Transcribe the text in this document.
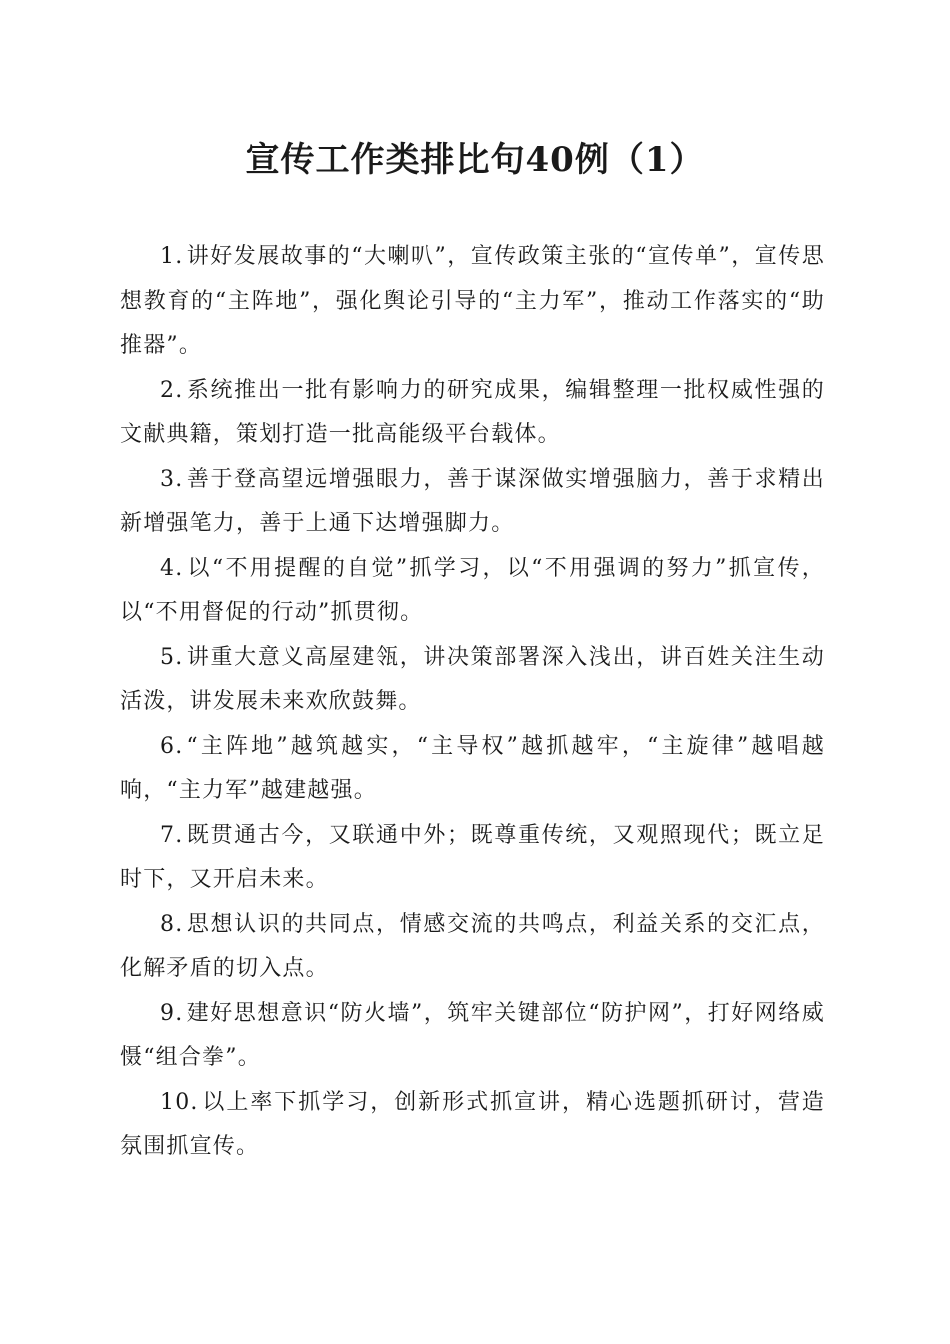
宣传工作类排比句40例（1）

1. 讲好发展故事的“大喇叭”，宣传政策主张的“宣传单”，宣传思想教育的“主阵地”，强化舆论引导的“主力军”，推动工作落实的“助推器”。

2. 系统推出一批有影响力的研究成果，编辑整理一批权威性强的文献典籍，策划打造一批高能级平台载体。

3. 善于登高望远增强眼力，善于谋深做实增强脑力，善于求精出新增强笔力，善于上通下达增强脚力。

4. 以“不用提醒的自觉”抓学习，以“不用强调的努力”抓宣传，以“不用督促的行动”抓贯彻。

5. 讲重大意义高屋建瓴，讲决策部署深入浅出，讲百姓关注生动活泼，讲发展未来欢欣鼓舞。

6. “主阵地”越筑越实，“主导权”越抓越牢，“主旋律”越唱越响，“主力军”越建越强。

7. 既贯通古今，又联通中外；既尊重传统，又观照现代；既立足时下，又开启未来。

8. 思想认识的共同点，情感交流的共鸣点，利益关系的交汇点，化解矛盾的切入点。

9. 建好思想意识“防火墙”，筑牢关键部位“防护网”，打好网络威慑“组合拳”。

10. 以上率下抓学习，创新形式抓宣讲，精心选题抓研讨，营造氛围抓宣传。
